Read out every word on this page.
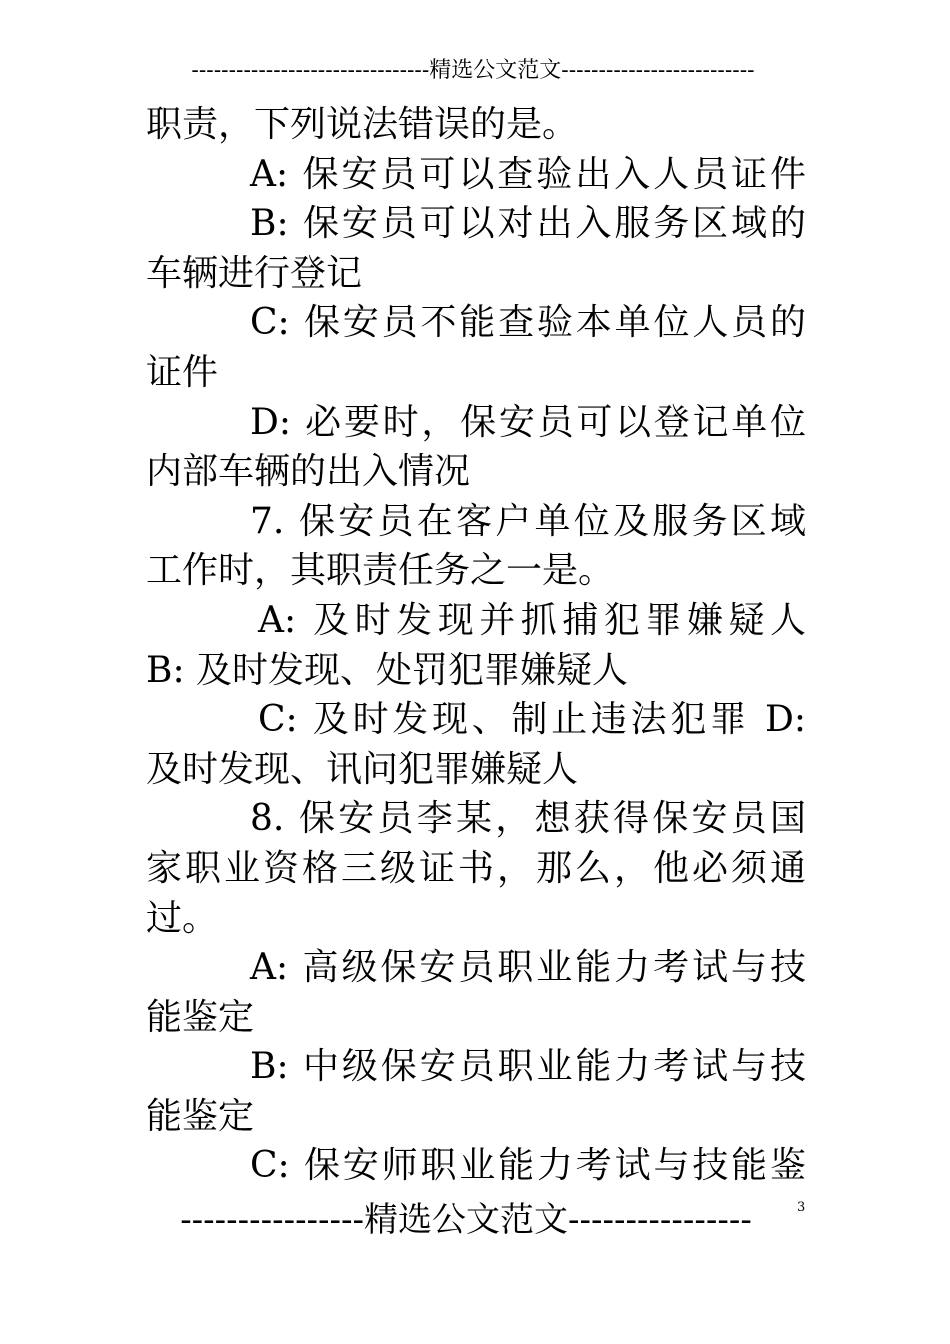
--------------------------------精选公文范文--------------------------
职责，下列说法错误的是。
A: 保安员可以查验出入人员证件
B: 保安员可以对出入服务区域的
车辆进行登记
C: 保安员不能查验本单位人员的
证件
D: 必要时，保安员可以登记单位
内部车辆的出入情况
7. 保安员在客户单位及服务区域
工作时，其职责任务之一是。
A: 及时发现并抓捕犯罪嫌疑人
B: 及时发现、处罚犯罪嫌疑人
C: 及时发现、制止违法犯罪 D:
及时发现、讯问犯罪嫌疑人
8. 保安员李某，想获得保安员国
家职业资格三级证书，那么，他必须通
过。
A: 高级保安员职业能力考试与技
能鉴定
B: 中级保安员职业能力考试与技
能鉴定
C: 保安师职业能力考试与技能鉴
----------------精选公文范文----------------	3
